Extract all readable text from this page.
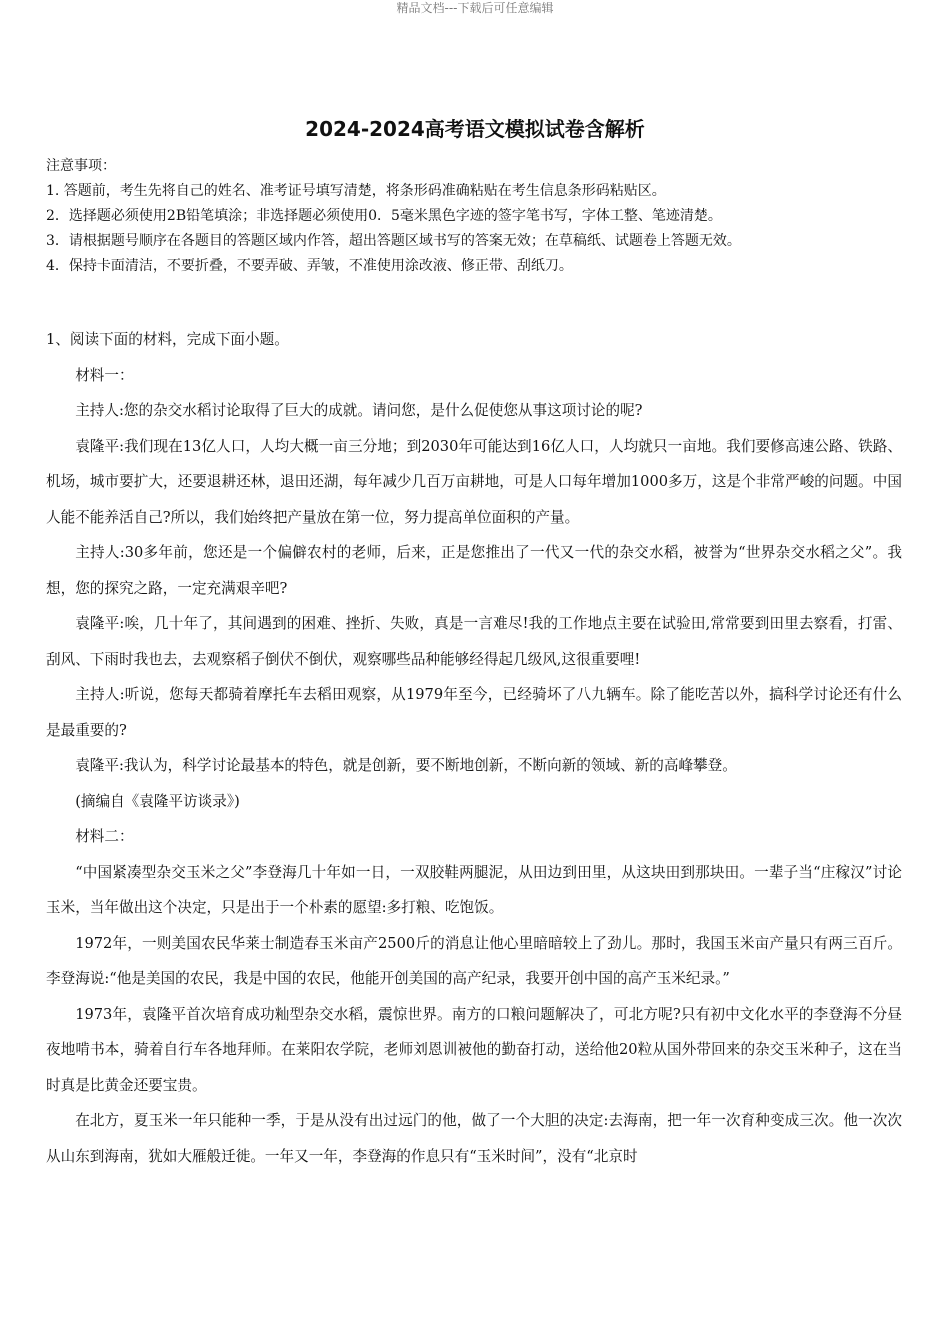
精品文档---下载后可任意编辑
2024-2024高考语文模拟试卷含解析
注意事项：
1. 答题前，考生先将自己的姓名、准考证号填写清楚，将条形码准确粘贴在考生信息条形码粘贴区。
2．选择题必须使用2B铅笔填涂；非选择题必须使用0．5毫米黑色字迹的签字笔书写，字体工整、笔迹清楚。
3．请根据题号顺序在各题目的答题区域内作答，超出答题区域书写的答案无效；在草稿纸、试题卷上答题无效。
4．保持卡面清洁，不要折叠，不要弄破、弄皱，不准使用涂改液、修正带、刮纸刀。

1、阅读下面的材料，完成下面小题。

材料一：

主持人:您的杂交水稻讨论取得了巨大的成就。请问您，是什么促使您从事这项讨论的呢?

袁隆平:我们现在13亿人口，人均大概一亩三分地；到2030年可能达到16亿人口，人均就只一亩地。我们要修高速公路、铁路、机场，城市要扩大，还要退耕还林，退田还湖，每年减少几百万亩耕地，可是人口每年增加1000多万，这是个非常严峻的问题。中国人能不能养活自己?所以，我们始终把产量放在第一位，努力提高单位面积的产量。

主持人:30多年前，您还是一个偏僻农村的老师，后来，正是您推出了一代又一代的杂交水稻，被誉为“世界杂交水稻之父”。我想，您的探究之路，一定充满艰辛吧?

袁隆平:唉，几十年了，其间遇到的困难、挫折、失败，真是一言难尽!我的工作地点主要在试验田,常常要到田里去察看，打雷、刮风、下雨时我也去，去观察稻子倒伏不倒伏，观察哪些品种能够经得起几级风,这很重要哩!

主持人:听说，您每天都骑着摩托车去稻田观察，从1979年至今，已经骑坏了八九辆车。除了能吃苦以外，搞科学讨论还有什么是最重要的?

袁隆平:我认为，科学讨论最基本的特色，就是创新，要不断地创新，不断向新的领域、新的高峰攀登。

(摘编自《袁隆平访谈录》)

材料二：

“中国紧凑型杂交玉米之父”李登海几十年如一日，一双胶鞋两腿泥，从田边到田里，从这块田到那块田。一辈子当“庄稼汉”讨论玉米，当年做出这个决定，只是出于一个朴素的愿望:多打粮、吃饱饭。

1972年，一则美国农民华莱士制造春玉米亩产2500斤的消息让他心里暗暗较上了劲儿。那时，我国玉米亩产量只有两三百斤。李登海说:“他是美国的农民，我是中国的农民，他能开创美国的高产纪录，我要开创中国的高产玉米纪录。”

1973年，袁隆平首次培育成功籼型杂交水稻，震惊世界。南方的口粮问题解决了，可北方呢?只有初中文化水平的李登海不分昼夜地啃书本，骑着自行车各地拜师。在莱阳农学院，老师刘恩训被他的勤奋打动，送给他20粒从国外带回来的杂交玉米种子，这在当时真是比黄金还要宝贵。

在北方，夏玉米一年只能种一季，于是从没有出过远门的他，做了一个大胆的决定:去海南，把一年一次育种变成三次。他一次次从山东到海南，犹如大雁般迁徙。一年又一年，李登海的作息只有“玉米时间”，没有“北京时
